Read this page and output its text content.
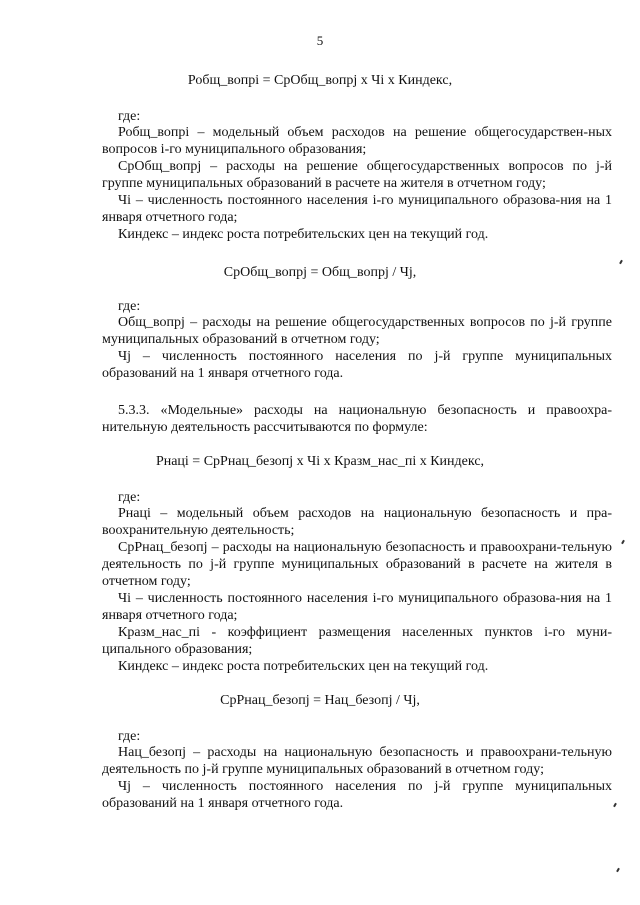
5
Робщ_вопрi = СрОбщ_вопрj x Чi x Киндекс,
где:
Робщ_вопрi – модельный объем расходов на решение общегосударствен-ных вопросов i-го муниципального образования;
СрОбщ_вопрj – расходы на решение общегосударственных вопросов по j-й группе муниципальных образований в расчете на жителя в отчетном году;
Чi – численность постоянного населения i-го муниципального образова-ния на 1 января отчетного года;
Киндекс – индекс роста потребительских цен на текущий год.
СрОбщ_вопрj = Общ_вопрj / Чj,
где:
Общ_вопрj – расходы на решение общегосударственных вопросов по j-й группе муниципальных образований в отчетном году;
Чj – численность постоянного населения по j-й группе муниципальных образований на 1 января отчетного года.
5.3.3. «Модельные» расходы на национальную безопасность и правоохра-нительную деятельность рассчитываются по формуле:
Рнацi = СрРнац_безопj х Чi х Кразм_нас_пi х Киндекс,
где:
Рнацi – модельный объем расходов на национальную безопасность и пра-воохранительную деятельность;
СрРнац_безопj – расходы на национальную безопасность и правоохрани-тельную деятельность по j-й группе муниципальных образований в расчете на жителя в отчетном году;
Чi – численность постоянного населения i-го муниципального образова-ния на 1 января отчетного года;
Кразм_нас_пi - коэффициент размещения населенных пунктов i-го муни-ципального образования;
Киндекс – индекс роста потребительских цен на текущий год.
СрРнац_безопj = Нац_безопj / Чj,
где:
Нац_безопj – расходы на национальную безопасность и правоохрани-тельную деятельность по j-й группе муниципальных образований в отчетном году;
Чj – численность постоянного населения по j-й группе муниципальных образований на 1 января отчетного года.
